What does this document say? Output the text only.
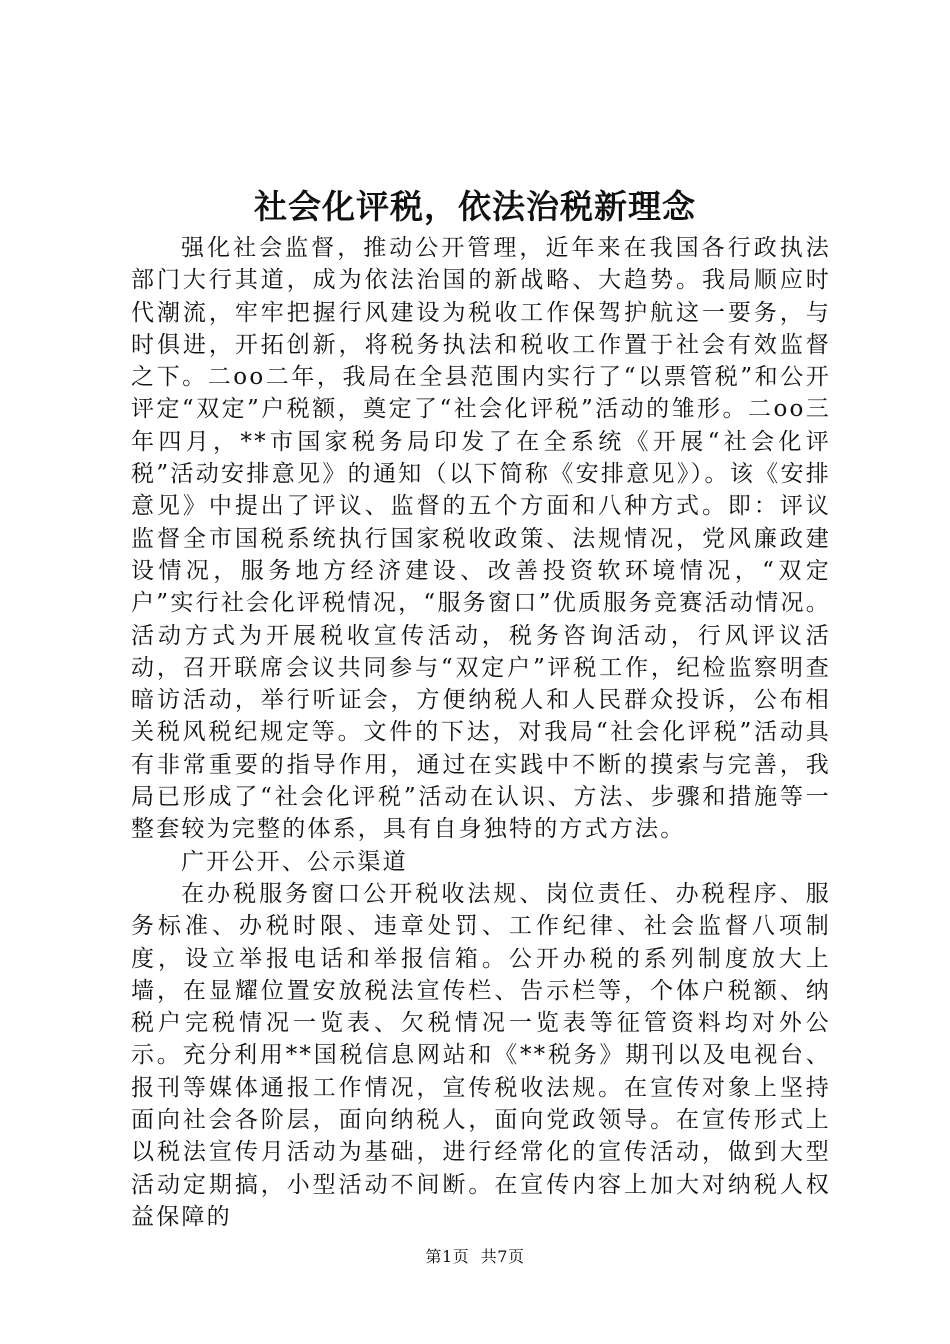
社会化评税，依法治税新理念

强化社会监督，推动公开管理，近年来在我国各行政执法部门大行其道，成为依法治国的新战略、大趋势。我局顺应时代潮流，牢牢把握行风建设为税收工作保驾护航这一要务，与时俱进，开拓创新，将税务执法和税收工作置于社会有效监督之下。二oo二年，我局在全县范围内实行了“以票管税”和公开评定“双定”户税额，奠定了“社会化评税”活动的雏形。二oo三年四月，**市国家税务局印发了在全系统《开展“社会化评税”活动安排意见》的通知（以下简称《安排意见》）。该《安排意见》中提出了评议、监督的五个方面和八种方式。即：评议监督全市国税系统执行国家税收政策、法规情况，党风廉政建设情况，服务地方经济建设、改善投资软环境情况，“双定户”实行社会化评税情况，“服务窗口”优质服务竞赛活动情况。活动方式为开展税收宣传活动，税务咨询活动，行风评议活动，召开联席会议共同参与“双定户”评税工作，纪检监察明查暗访活动，举行听证会，方便纳税人和人民群众投诉，公布相关税风税纪规定等。文件的下达，对我局“社会化评税”活动具有非常重要的指导作用，通过在实践中不断的摸索与完善，我局已形成了“社会化评税”活动在认识、方法、步骤和措施等一整套较为完整的体系，具有自身独特的方式方法。

广开公开、公示渠道

在办税服务窗口公开税收法规、岗位责任、办税程序、服务标准、办税时限、违章处罚、工作纪律、社会监督八项制度，设立举报电话和举报信箱。公开办税的系列制度放大上墙，在显耀位置安放税法宣传栏、告示栏等，个体户税额、纳税户完税情况一览表、欠税情况一览表等征管资料均对外公示。充分利用**国税信息网站和《**税务》期刊以及电视台、报刊等媒体通报工作情况，宣传税收法规。在宣传对象上坚持面向社会各阶层，面向纳税人，面向党政领导。在宣传形式上以税法宣传月活动为基础，进行经常化的宣传活动，做到大型活动定期搞，小型活动不间断。在宣传内容上加大对纳税人权益保障的

第1页 共7页
